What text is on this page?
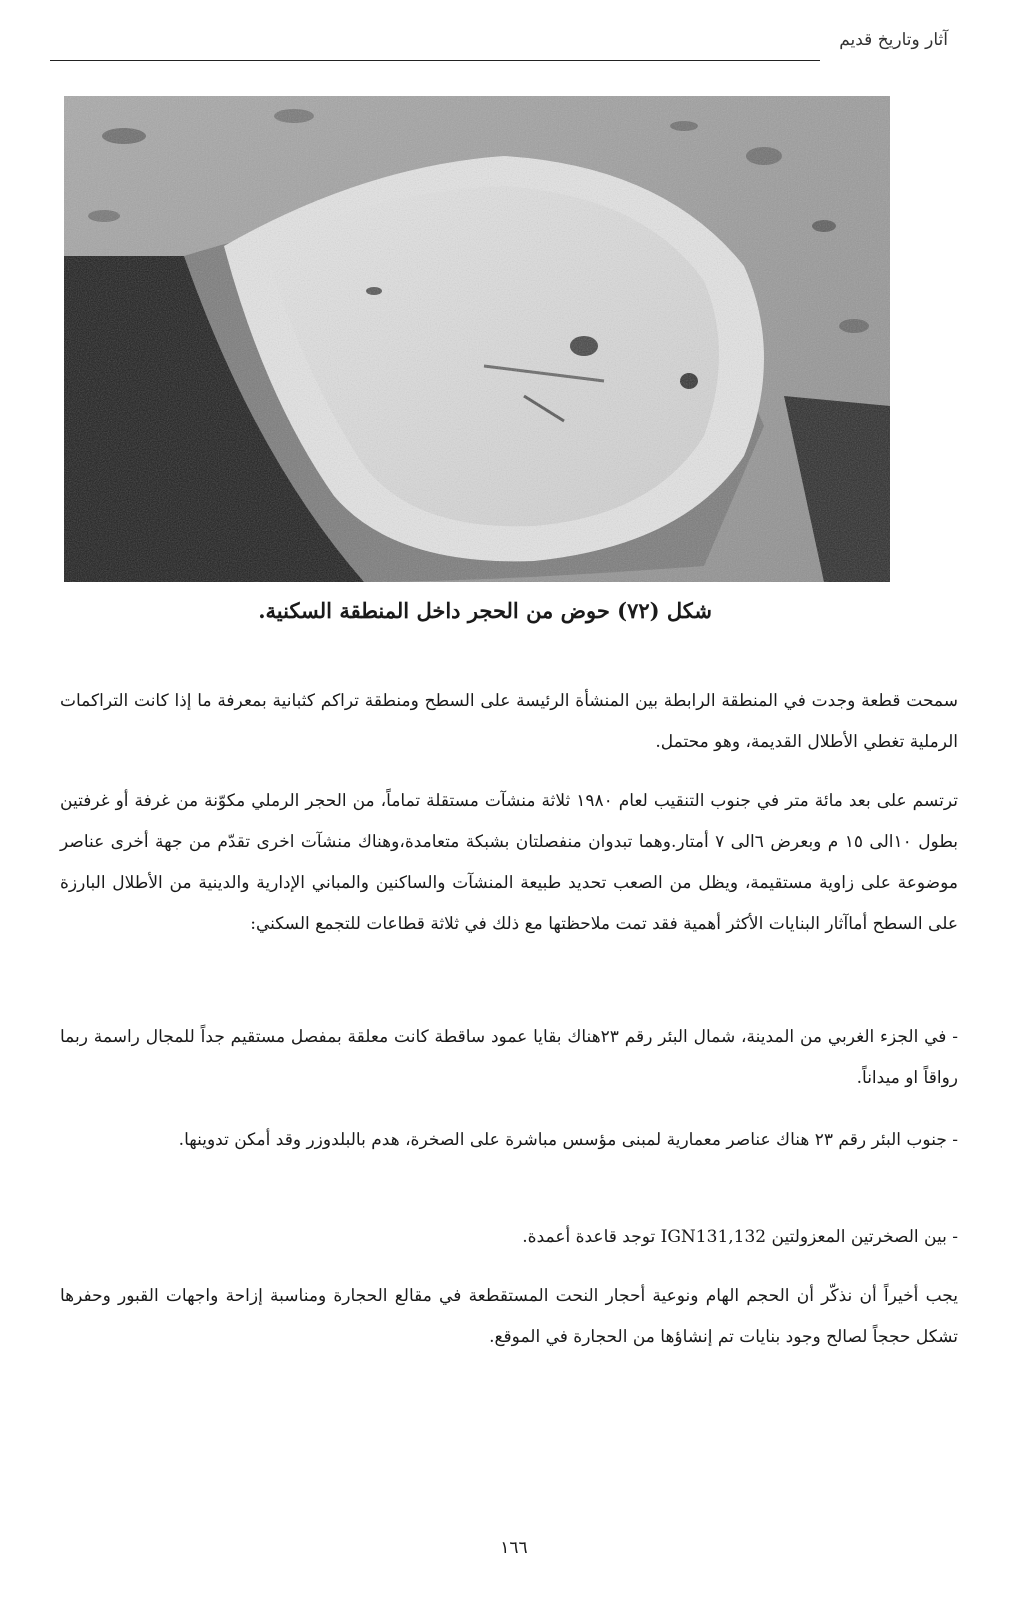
آثار وتاريخ قديم
شكل (٧٢) حوض من الحجر داخل المنطقة السكنية.

سمحت قطعة وجدت في المنطقة الرابطة بين المنشأة الرئيسة على السطح ومنطقة تراكم كثبانية بمعرفة ما إذا كانت التراكمات الرملية تغطي الأطلال القديمة، وهو محتمل.

ترتسم على بعد مائة متر في جنوب التنقيب لعام ١٩٨٠ ثلاثة منشآت مستقلة تماماً، من الحجر الرملي مكوّنة من غرفة أو غرفتين بطول ١٠الى ١٥ م وبعرض ٦الى ٧ أمتار.وهما تبدوان منفصلتان بشبكة متعامدة،وهناك منشآت اخرى تقدّم من جهة أخرى عناصر موضوعة على زاوية مستقيمة، ويظل من الصعب تحديد طبيعة المنشآت والساكنين والمباني الإدارية والدينية من الأطلال البارزة على السطح أماآثار البنايات الأكثر أهمية فقد تمت ملاحظتها مع ذلك في ثلاثة قطاعات للتجمع السكني:

- في الجزء الغربي من المدينة، شمال البئر رقم ٢٣هناك بقايا عمود ساقطة كانت معلقة بمفصل مستقيم جداً للمجال راسمة ربما رواقاً او ميداناً.

- جنوب البئر رقم ٢٣ هناك عناصر معمارية لمبنى مؤسس مباشرة على الصخرة، هدم بالبلدوزر وقد أمكن تدوينها.

- بين الصخرتين المعزولتين IGN131,132 توجد قاعدة أعمدة.

يجب أخيراً أن نذكّر أن الحجم الهام ونوعية أحجار النحت المستقطعة في مقالع الحجارة ومناسبة إزاحة واجهات القبور وحفرها تشكل حججاً لصالح وجود بنايات تم إنشاؤها من الحجارة في الموقع.

١٦٦
